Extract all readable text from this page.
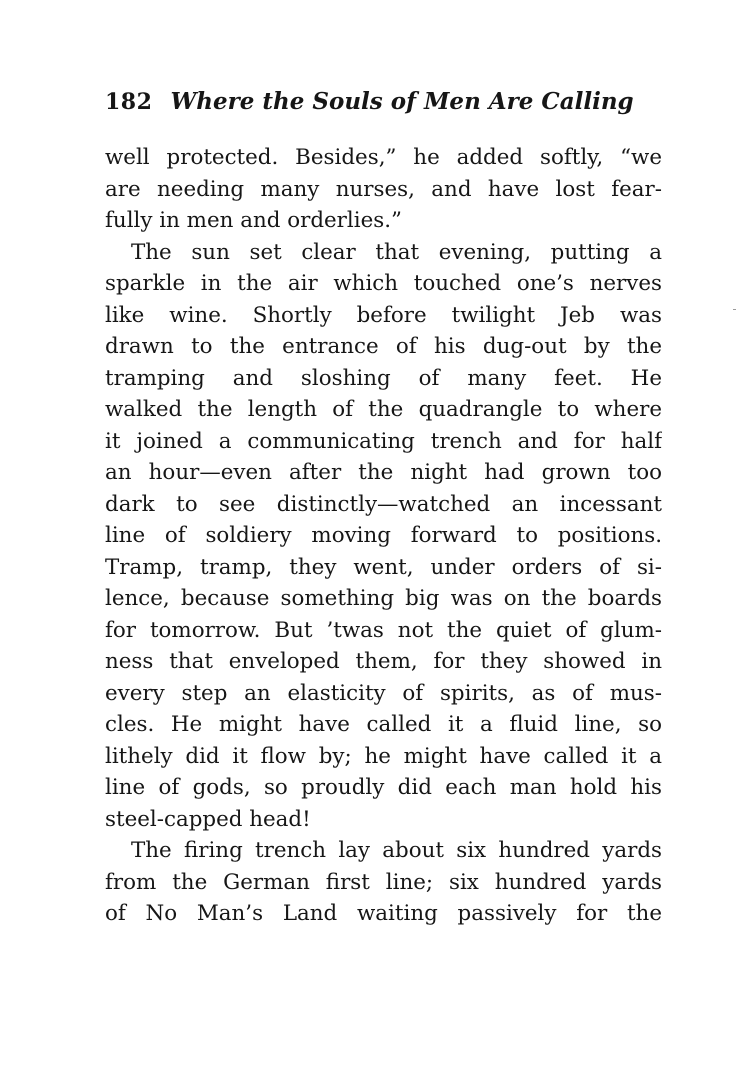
182 Where the Souls of Men Are Calling
well protected. Besides,” he added softly, “we
are needing many nurses, and have lost fear-
fully in men and orderlies.”
The sun set clear that evening, putting a
sparkle in the air which touched one’s nerves
like wine. Shortly before twilight Jeb was
drawn to the entrance of his dug-out by the
tramping and sloshing of many feet. He
walked the length of the quadrangle to where
it joined a communicating trench and for half
an hour—even after the night had grown too
dark to see distinctly—watched an incessant
line of soldiery moving forward to positions.
Tramp, tramp, they went, under orders of si-
lence, because something big was on the boards
for tomorrow. But ’twas not the quiet of glum-
ness that enveloped them, for they showed in
every step an elasticity of spirits, as of mus-
cles. He might have called it a fluid line, so
lithely did it flow by; he might have called it a
line of gods, so proudly did each man hold his
steel-capped head!
The firing trench lay about six hundred yards
from the German first line; six hundred yards
of No Man’s Land waiting passively for the
